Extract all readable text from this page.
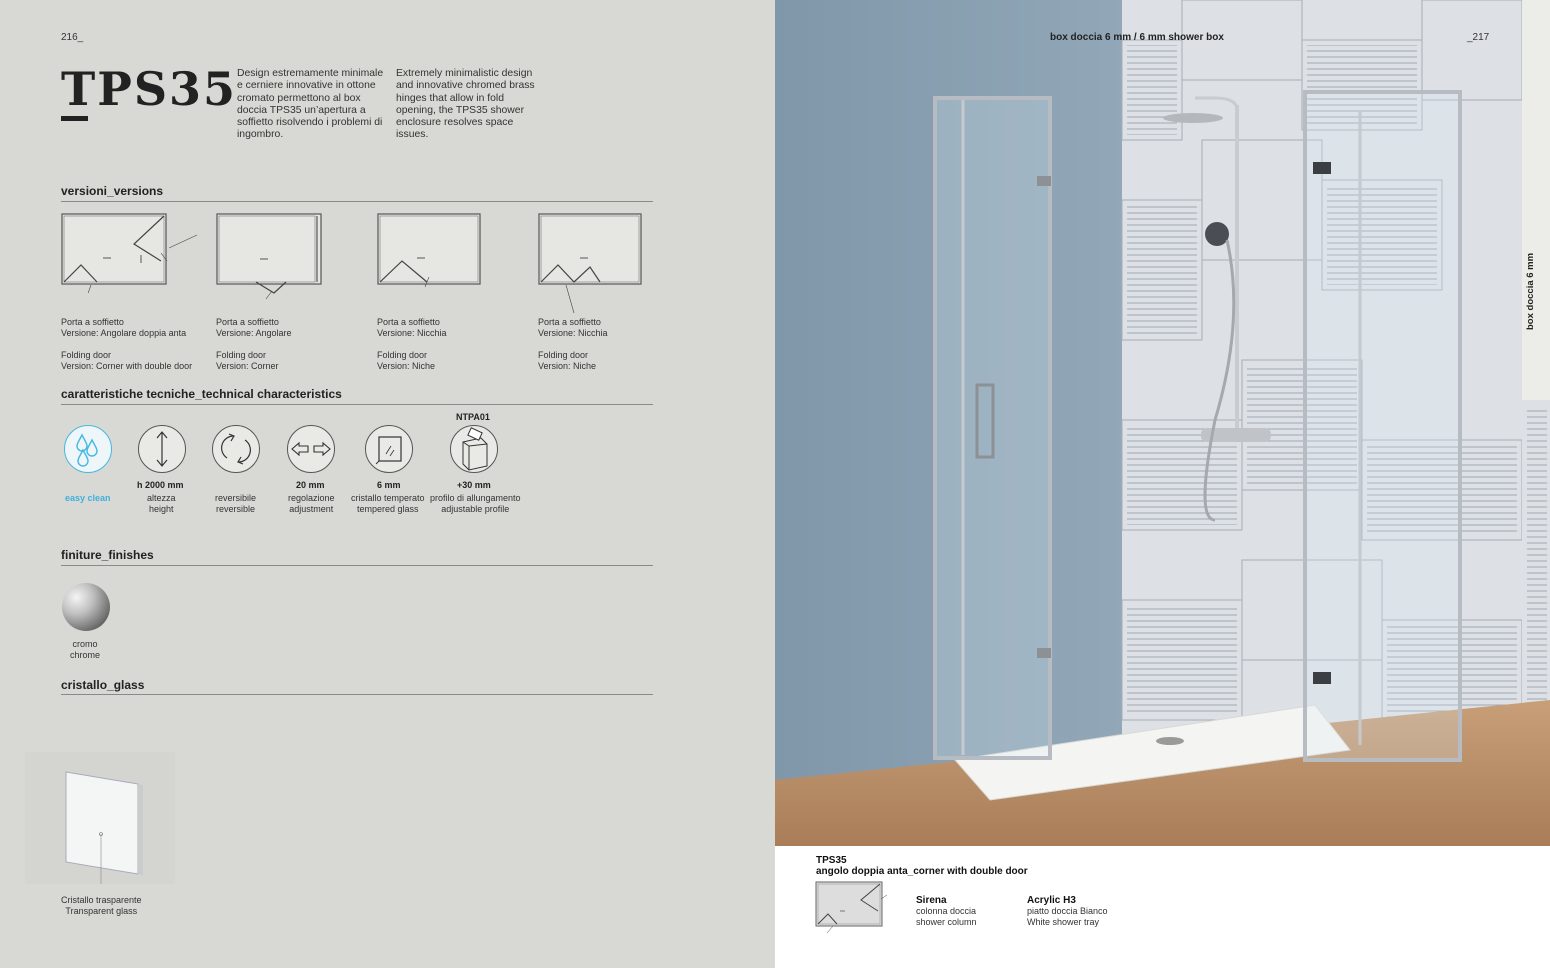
216_
TPS35 Design estremamente minimale e cerniere innovative in ottone cromato permettono al box doccia TPS35 un’apertura a soffietto risolvendo i problemi di ingombro.
Extremely minimalistic design and innovative chromed brass hinges that allow in fold opening, the TPS35 shower enclosure resolves space issues.
versioni_versions
Porta a soffietto
Versione: Angolare doppia anta
Folding door
Version: Corner with double door
Porta a soffietto
Versione: Angolare
Folding door
Version: Corner
Porta a soffietto
Versione: Nicchia
Folding door
Version: Niche
Porta a soffietto
Versione: Nicchia
Folding door
Version: Niche
caratteristiche tecniche_technical characteristics
NTPA01
easy clean
h 2000 mm
altezza
height
reversibile
reversible
20 mm
regolazione
adjustment
6 mm
cristallo temperato
tempered glass
+30 mm
profilo di allungamento
adjustable profile
finiture_finishes
cromo
chrome
cristallo_glass
Cristallo trasparente
Transparent glass
box doccia 6 mm / 6 mm shower box	_217
box doccia 6 mm
TPS35
angolo doppia anta_corner with double door
Sirena
colonna doccia
shower column
Acrylic H3
piatto doccia Bianco
White shower tray
